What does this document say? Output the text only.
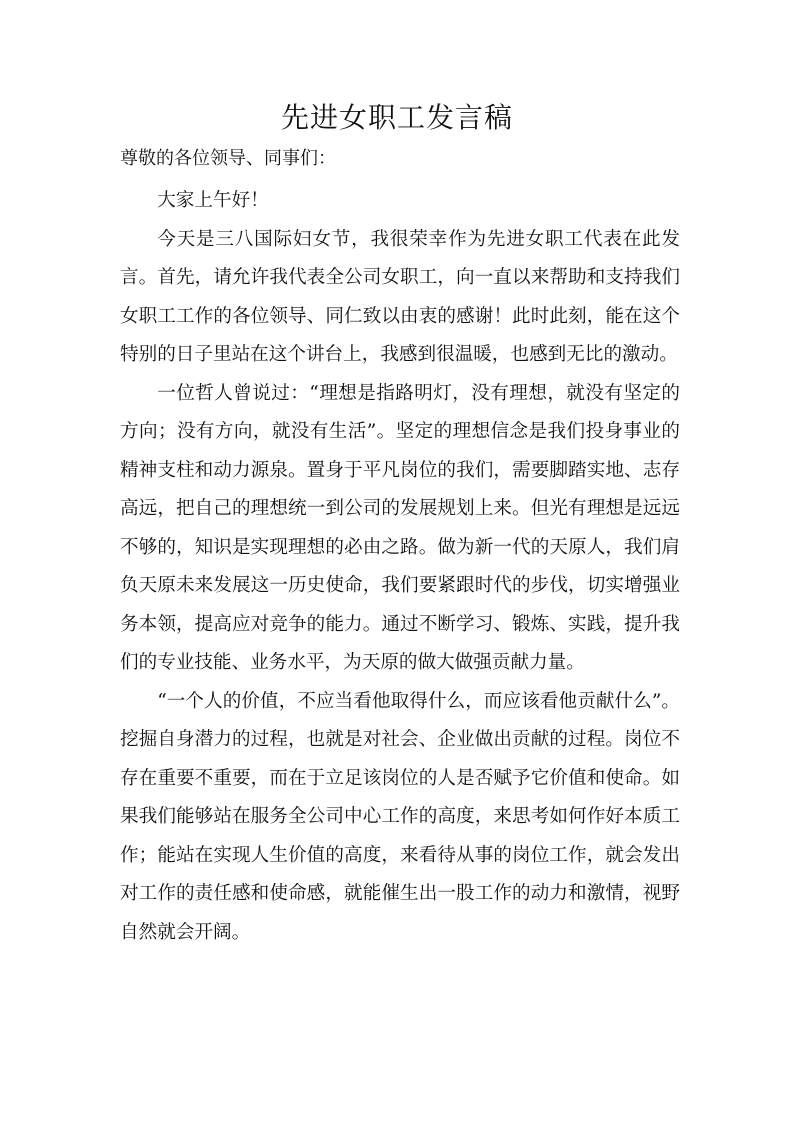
先进女职工发言稿

尊敬的各位领导、同事们：

大家上午好！

今天是三八国际妇女节，我很荣幸作为先进女职工代表在此发言。首先，请允许我代表全公司女职工，向一直以来帮助和支持我们女职工工作的各位领导、同仁致以由衷的感谢！此时此刻，能在这个特别的日子里站在这个讲台上，我感到很温暖，也感到无比的激动。

一位哲人曾说过：“理想是指路明灯，没有理想，就没有坚定的方向；没有方向，就没有生活”。坚定的理想信念是我们投身事业的精神支柱和动力源泉。置身于平凡岗位的我们，需要脚踏实地、志存高远，把自己的理想统一到公司的发展规划上来。但光有理想是远远不够的，知识是实现理想的必由之路。做为新一代的天原人，我们肩负天原未来发展这一历史使命，我们要紧跟时代的步伐，切实增强业务本领，提高应对竞争的能力。通过不断学习、锻炼、实践，提升我们的专业技能、业务水平，为天原的做大做强贡献力量。

“一个人的价值，不应当看他取得什么，而应该看他贡献什么”。挖掘自身潜力的过程，也就是对社会、企业做出贡献的过程。岗位不存在重要不重要，而在于立足该岗位的人是否赋予它价值和使命。如果我们能够站在服务全公司中心工作的高度，来思考如何作好本质工作；能站在实现人生价值的高度，来看待从事的岗位工作，就会发出对工作的责任感和使命感，就能催生出一股工作的动力和激情，视野自然就会开阔。
